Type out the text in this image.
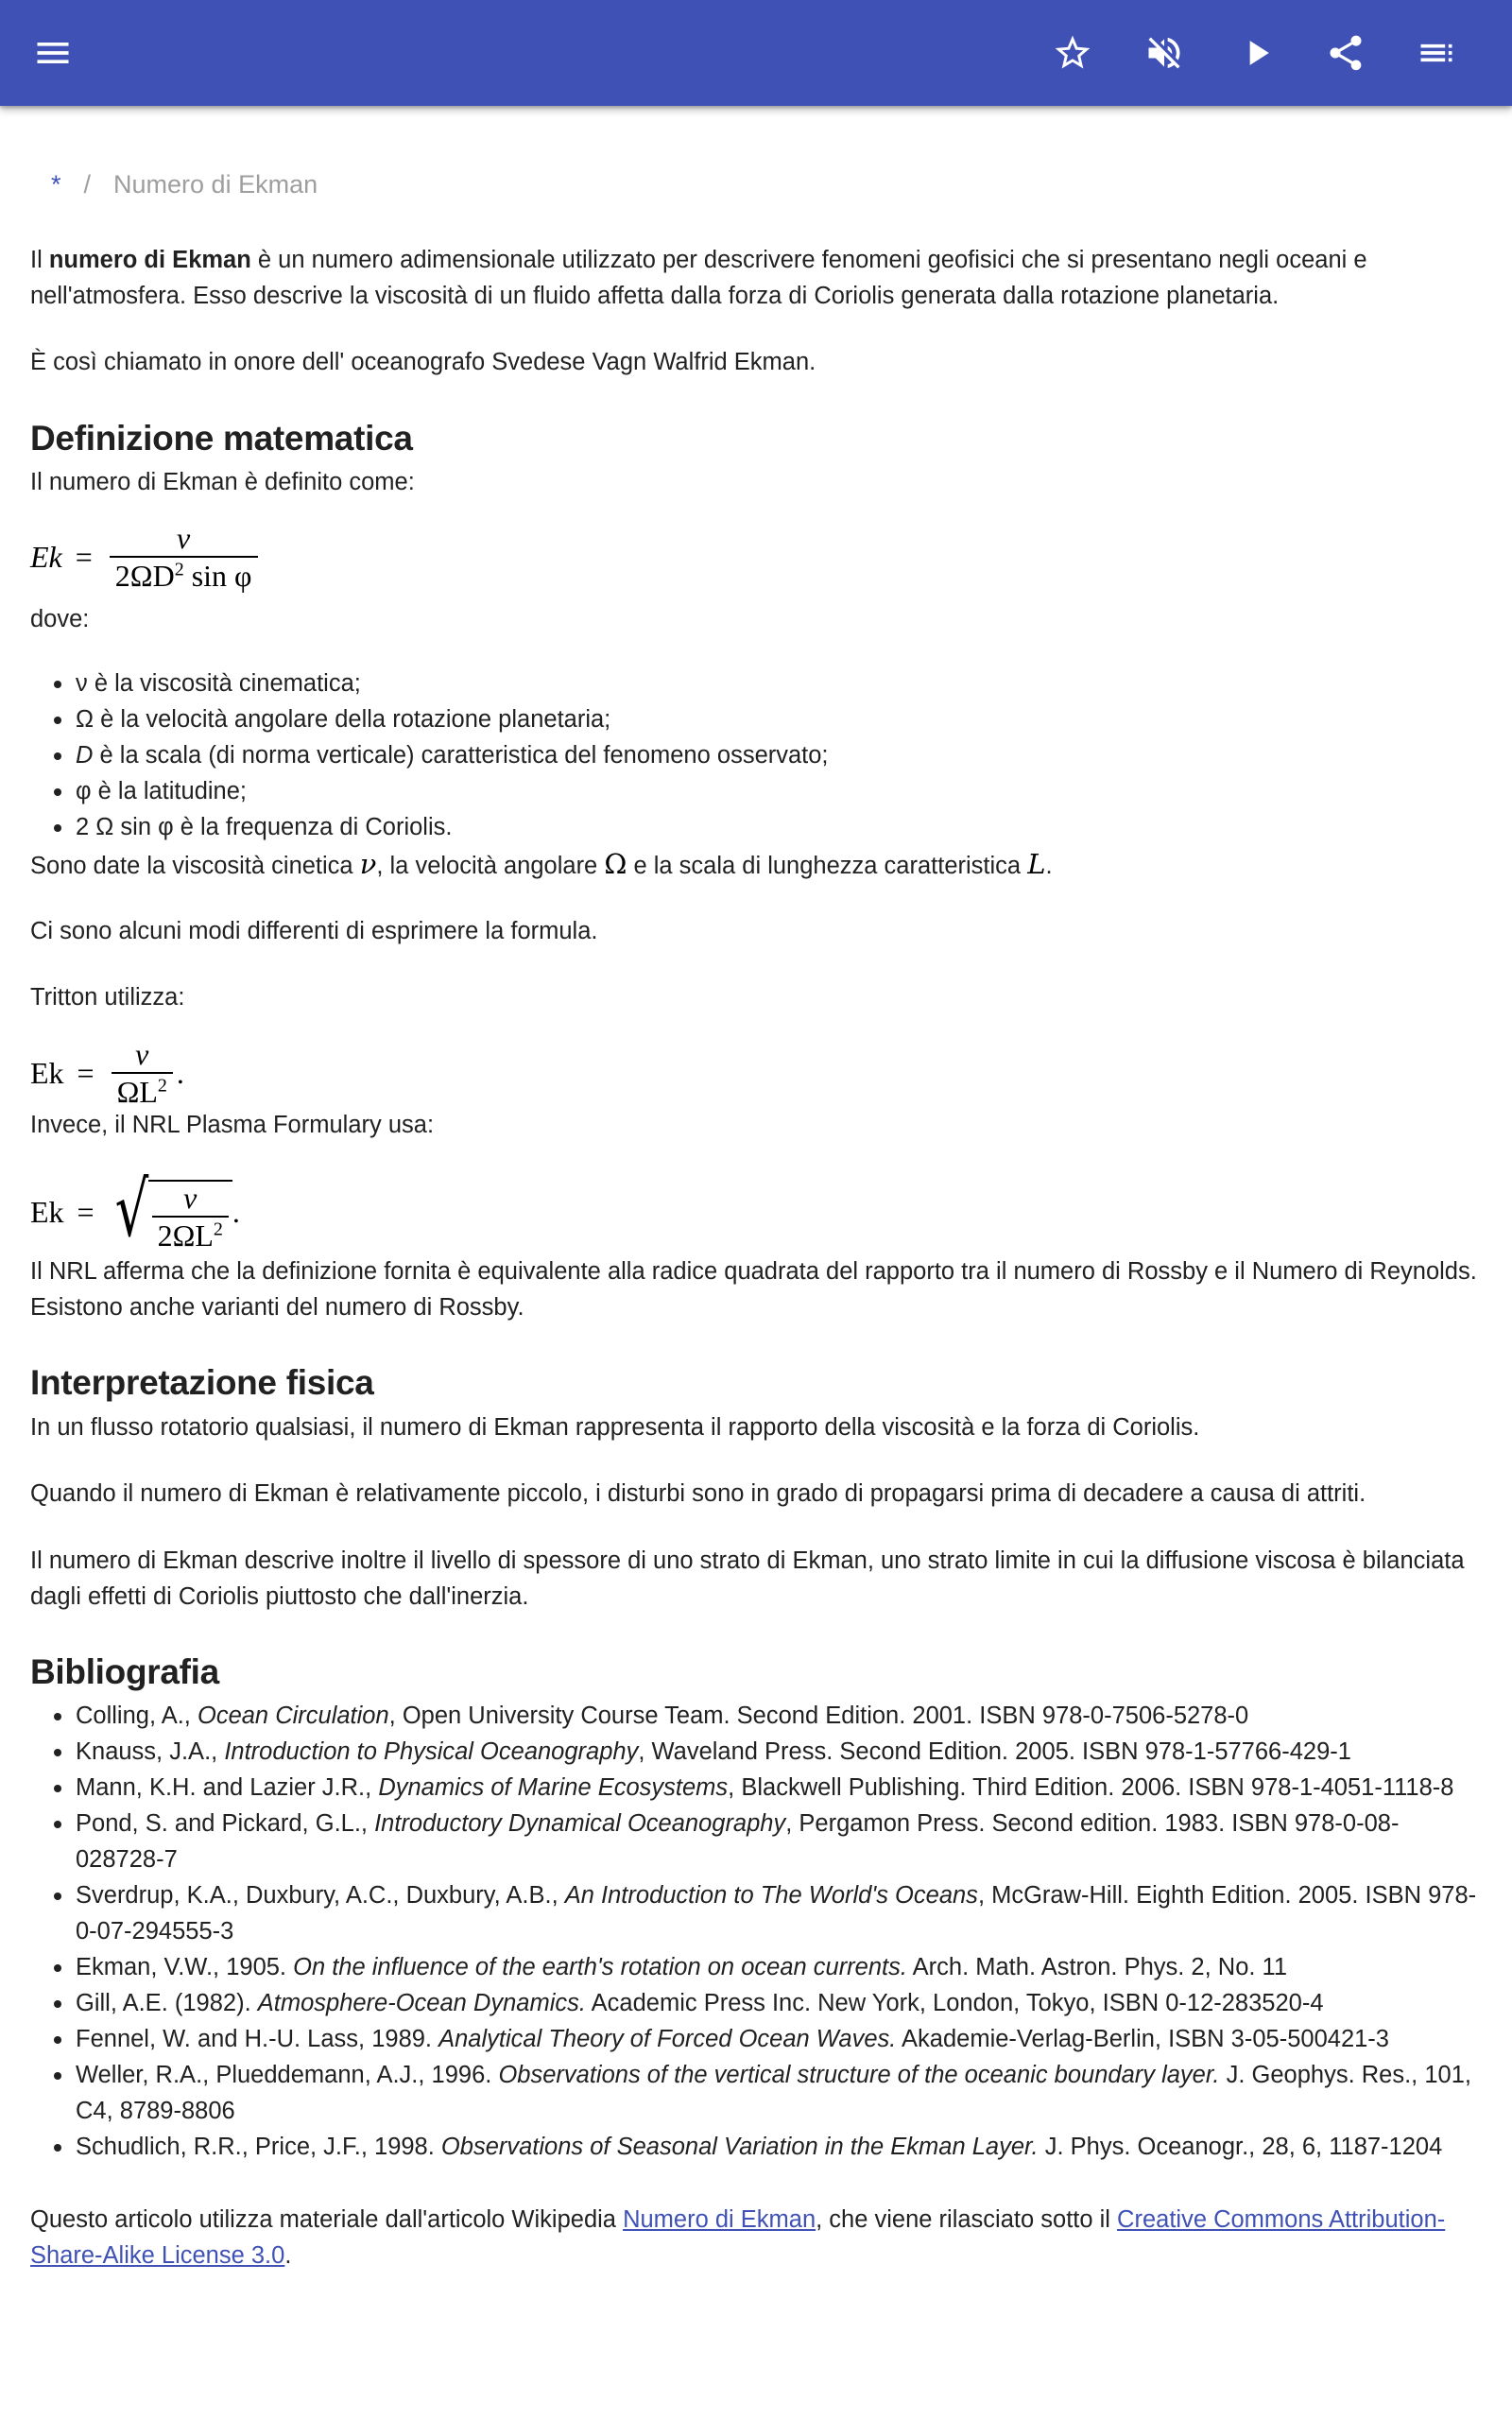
* / Numero di Ekman

Il numero di Ekman è un numero adimensionale utilizzato per descrivere fenomeni geofisici che si presentano negli oceani e nell'atmosfera. Esso descrive la viscosità di un fluido affetta dalla forza di Coriolis generata dalla rotazione planetaria.

È così chiamato in onore dell' oceanografo Svedese Vagn Walfrid Ekman.

Definizione matematica

Il numero di Ekman è definito come:

$Ek = \frac{\nu}{2\Omega D^2 \sin \varphi}$

dove:

ν è la viscosità cinematica;
Ω è la velocità angolare della rotazione planetaria;
D è la scala (di norma verticale) caratteristica del fenomeno osservato;
φ è la latitudine;
2 Ω sin φ è la frequenza di Coriolis.

Sono date la viscosità cinetica ν, la velocità angolare Ω e la scala di lunghezza caratteristica L.

Ci sono alcuni modi differenti di esprimere la formula.

Tritton utilizza:

$Ek = \frac{\nu}{\Omega L^2}$ .

Invece, il NRL Plasma Formulary usa:

Ek = √ $\frac{\nu}{2\Omega L^2}$ .

Il NRL afferma che la definizione fornita è equivalente alla radice quadrata del rapporto tra il numero di Rossby e il Numero di Reynolds. Esistono anche varianti del numero di Rossby.

Interpretazione fisica

In un flusso rotatorio qualsiasi, il numero di Ekman rappresenta il rapporto della viscosità e la forza di Coriolis.

Quando il numero di Ekman è relativamente piccolo, i disturbi sono in grado di propagarsi prima di decadere a causa di attriti.

Il numero di Ekman descrive inoltre il livello di spessore di uno strato di Ekman, uno strato limite in cui la diffusione viscosa è bilanciata dagli effetti di Coriolis piuttosto che dall'inerzia.

Bibliografia
Colling, A., Ocean Circulation, Open University Course Team. Second Edition. 2001. ISBN 978-0-7506-5278-0
Knauss, J.A., Introduction to Physical Oceanography, Waveland Press. Second Edition. 2005. ISBN 978-1-57766-429-1
Mann, K.H. and Lazier J.R., Dynamics of Marine Ecosystems, Blackwell Publishing. Third Edition. 2006. ISBN 978-1-4051-1118-8
Pond, S. and Pickard, G.L., Introductory Dynamical Oceanography, Pergamon Press. Second edition. 1983. ISBN 978-0-08-028728-7
Sverdrup, K.A., Duxbury, A.C., Duxbury, A.B., An Introduction to The World's Oceans, McGraw-Hill. Eighth Edition. 2005. ISBN 978-0-07-294555-3
Ekman, V.W., 1905. On the influence of the earth's rotation on ocean currents. Arch. Math. Astron. Phys. 2, No. 11
Gill, A.E. (1982). Atmosphere-Ocean Dynamics. Academic Press Inc. New York, London, Tokyo, ISBN 0-12-283520-4
Fennel, W. and H.-U. Lass, 1989. Analytical Theory of Forced Ocean Waves. Akademie-Verlag-Berlin, ISBN 3-05-500421-3
Weller, R.A., Plueddemann, A.J., 1996. Observations of the vertical structure of the oceanic boundary layer. J. Geophys. Res., 101, C4, 8789-8806
Schudlich, R.R., Price, J.F., 1998. Observations of Seasonal Variation in the Ekman Layer. J. Phys. Oceanogr., 28, 6, 1187-1204

Questo articolo utilizza materiale dall'articolo Wikipedia Numero di Ekman, che viene rilasciato sotto il Creative Commons Attribution-Share-Alike License 3.0.
